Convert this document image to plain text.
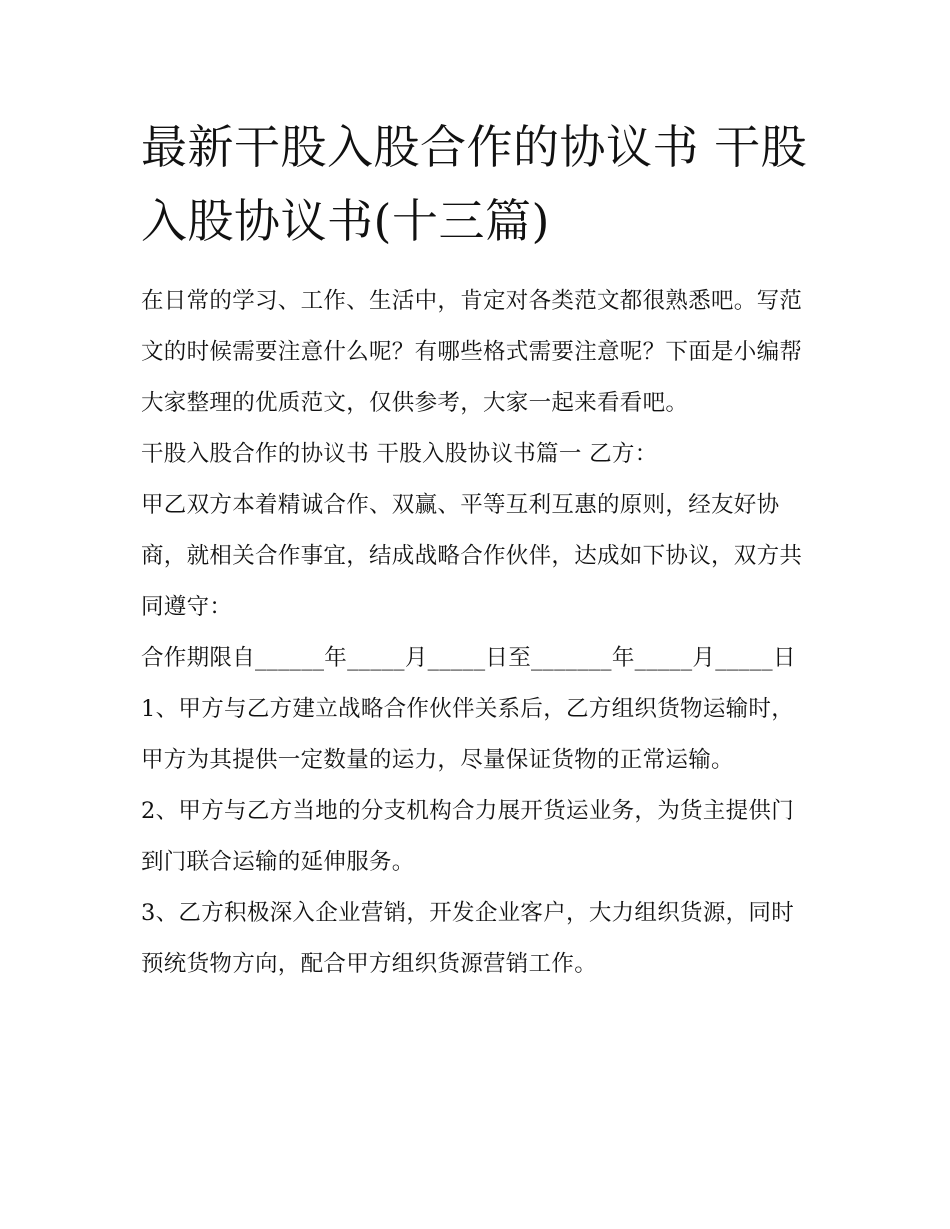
最新干股入股合作的协议书 干股入股协议书(十三篇)

在日常的学习、工作、生活中，肯定对各类范文都很熟悉吧。写范文的时候需要注意什么呢？有哪些格式需要注意呢？下面是小编帮大家整理的优质范文，仅供参考，大家一起来看看吧。

干股入股合作的协议书 干股入股协议书篇一 乙方：

甲乙双方本着精诚合作、双赢、平等互利互惠的原则，经友好协商，就相关合作事宜，结成战略合作伙伴，达成如下协议，双方共同遵守：

合作期限自______年_____月_____日至_______年_____月_____日

1、甲方与乙方建立战略合作伙伴关系后，乙方组织货物运输时，甲方为其提供一定数量的运力，尽量保证货物的正常运输。

2、甲方与乙方当地的分支机构合力展开货运业务，为货主提供门到门联合运输的延伸服务。

3、乙方积极深入企业营销，开发企业客户，大力组织货源，同时预统货物方向，配合甲方组织货源营销工作。
